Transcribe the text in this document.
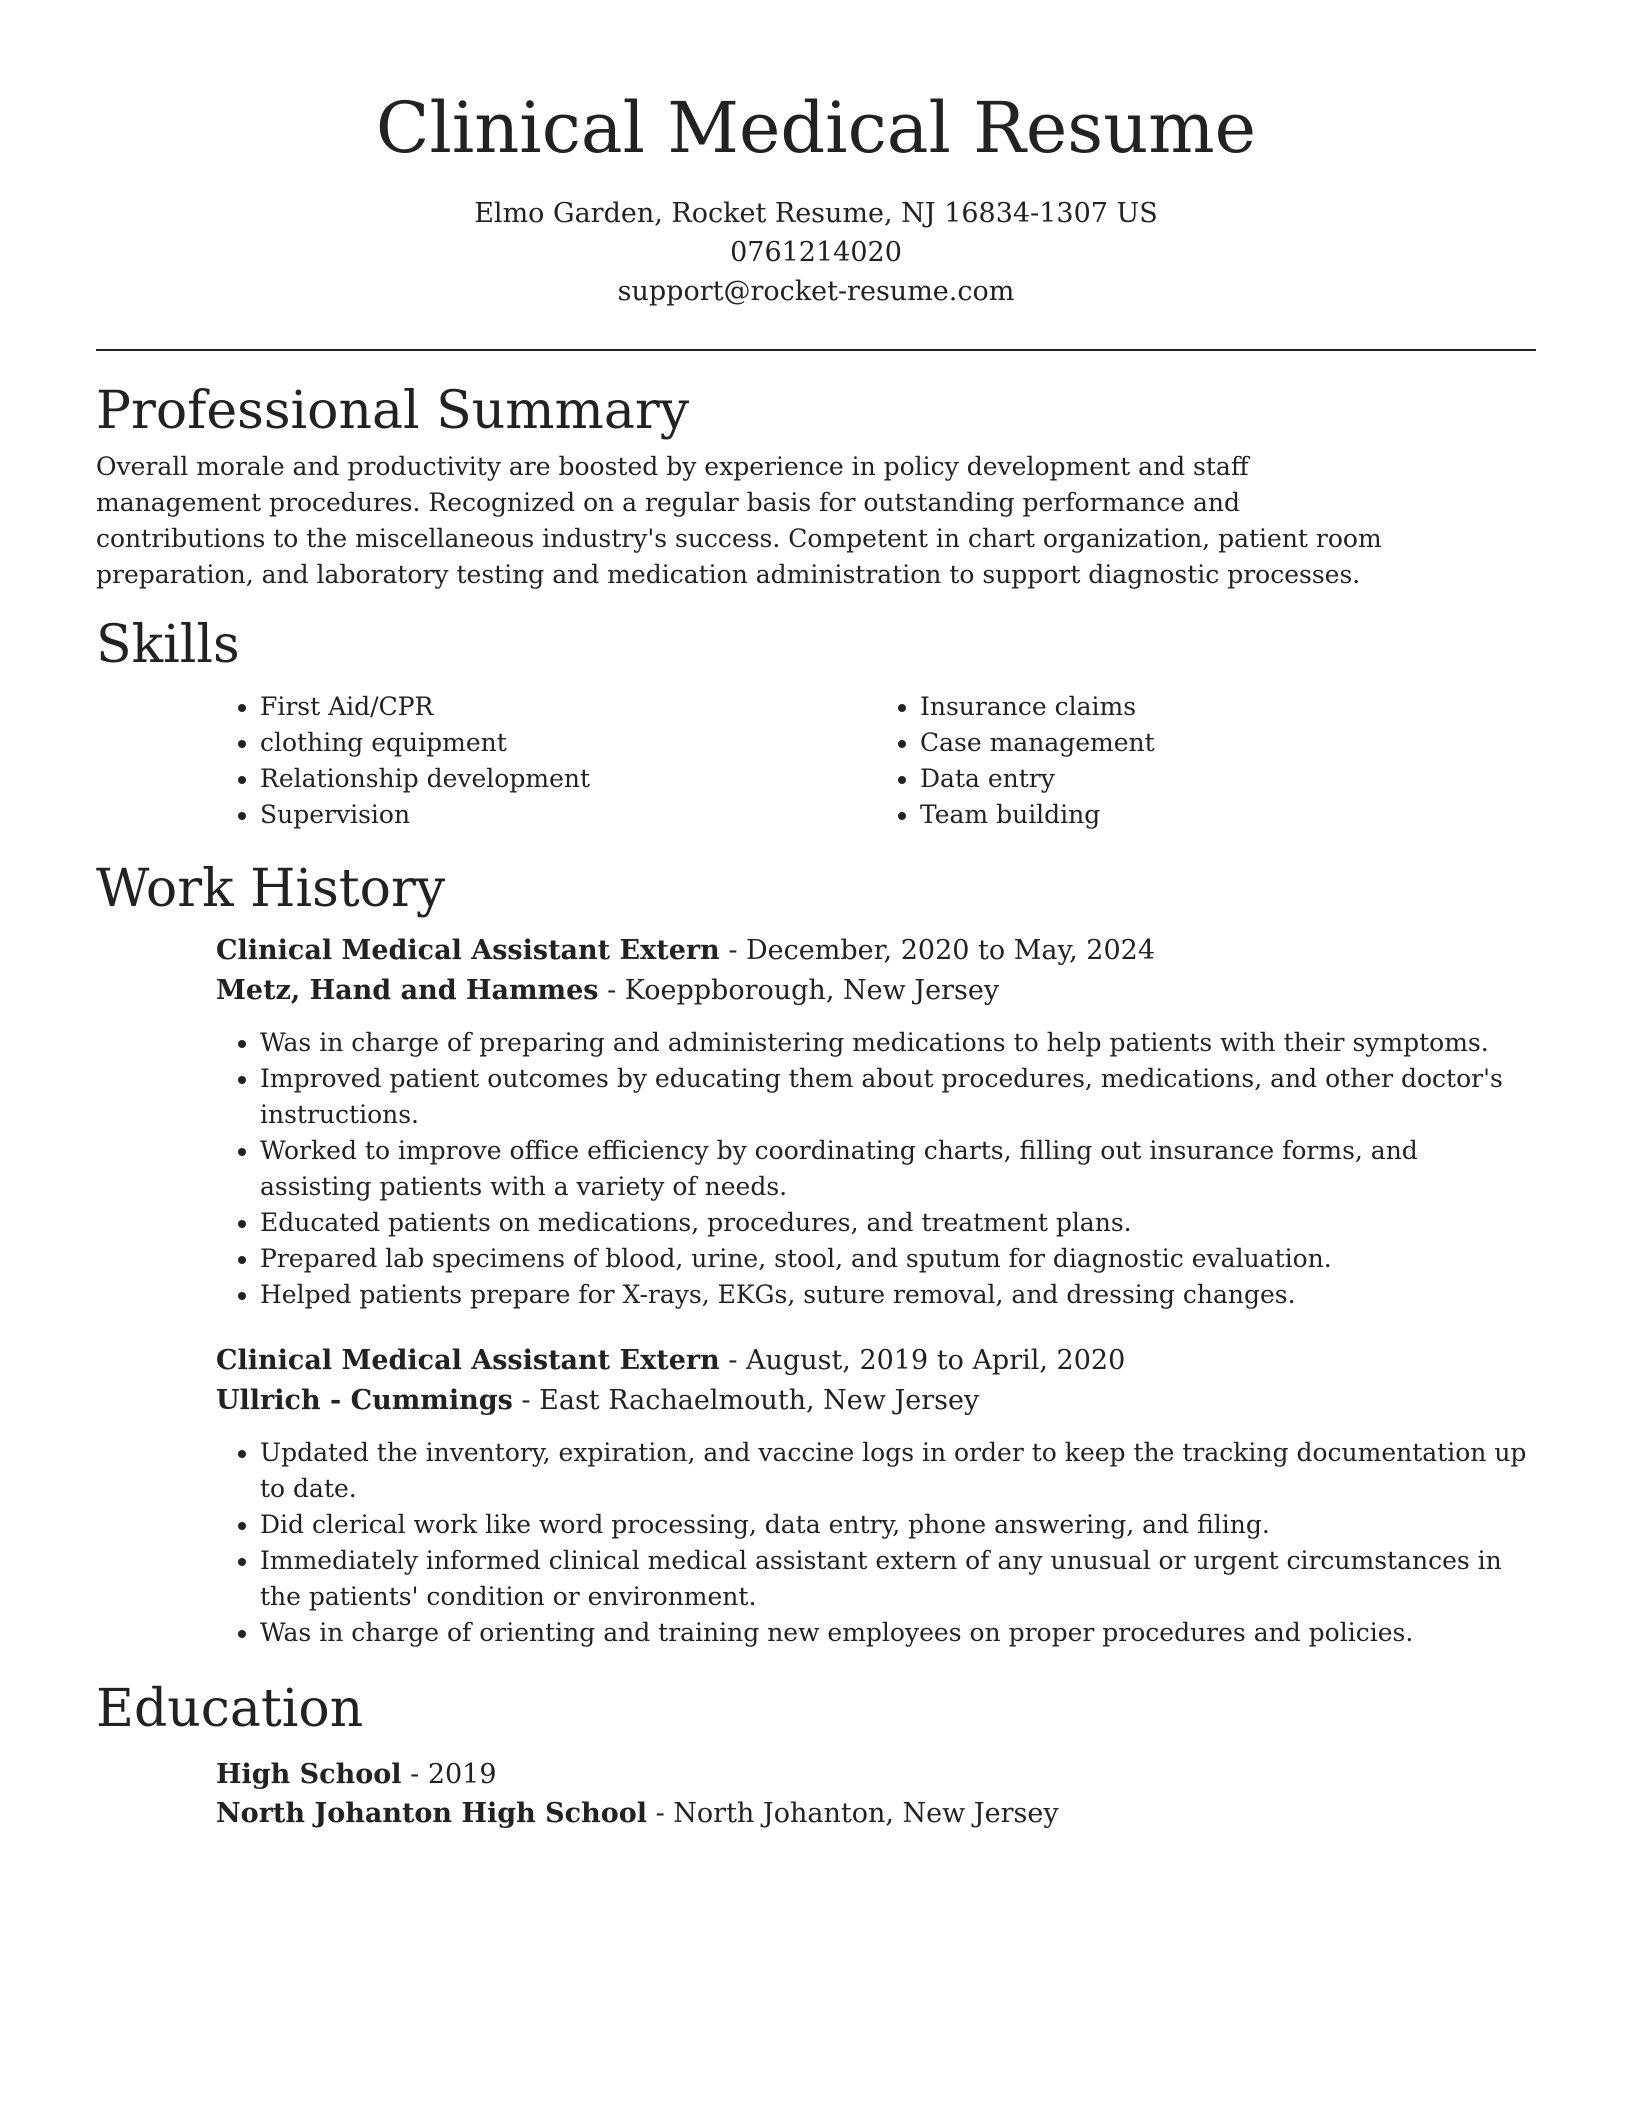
Clinical Medical Resume
Elmo Garden, Rocket Resume, NJ 16834-1307 US
0761214020
support@rocket-resume.com
Professional Summary

Overall morale and productivity are boosted by experience in policy development and staff management procedures. Recognized on a regular basis for outstanding performance and contributions to the miscellaneous industry's success. Competent in chart organization, patient room preparation, and laboratory testing and medication administration to support diagnostic processes.

Skills
• First Aid/CPR
• clothing equipment
• Relationship development
• Supervision
• Insurance claims
• Case management
• Data entry
• Team building
Work History

Clinical Medical Assistant Extern - December, 2020 to May, 2024

Metz, Hand and Hammes - Koeppborough, New Jersey

• Was in charge of preparing and administering medications to help patients with their symptoms.
• Improved patient outcomes by educating them about procedures, medications, and other doctor's instructions.
• Worked to improve office efficiency by coordinating charts, filling out insurance forms, and assisting patients with a variety of needs.
• Educated patients on medications, procedures, and treatment plans.
• Prepared lab specimens of blood, urine, stool, and sputum for diagnostic evaluation.
• Helped patients prepare for X-rays, EKGs, suture removal, and dressing changes.

Clinical Medical Assistant Extern - August, 2019 to April, 2020

Ullrich - Cummings - East Rachaelmouth, New Jersey

• Updated the inventory, expiration, and vaccine logs in order to keep the tracking documentation up to date.
• Did clerical work like word processing, data entry, phone answering, and filing.
• Immediately informed clinical medical assistant extern of any unusual or urgent circumstances in the patients' condition or environment.
• Was in charge of orienting and training new employees on proper procedures and policies.
Education

High School - 2019

North Johanton High School - North Johanton, New Jersey
